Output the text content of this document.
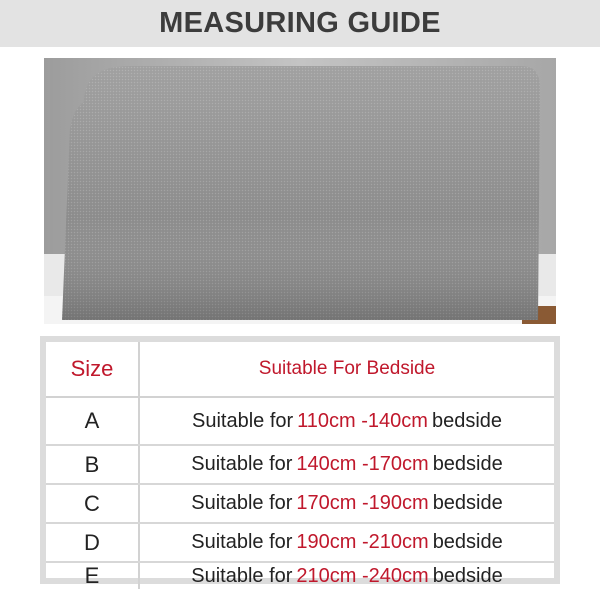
MEASURING GUIDE
Size	Suitable For Bedside
A	Suitable for 110cm -140cm bedside
B	Suitable for 140cm -170cm bedside
C	Suitable for 170cm -190cm bedside
D	Suitable for 190cm -210cm bedside
E	Suitable for 210cm -240cm bedside
